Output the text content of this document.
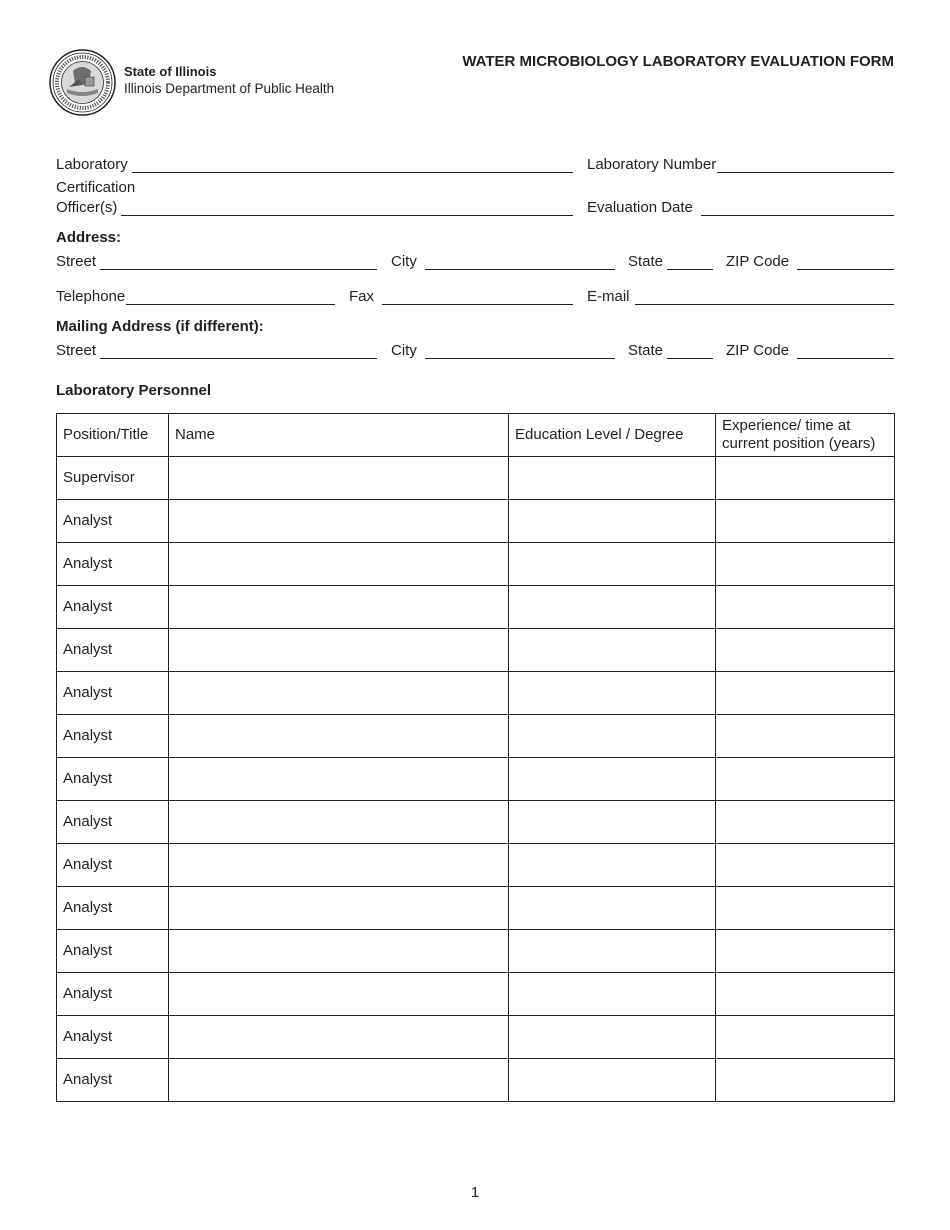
State of Illinois
Illinois Department of Public Health
WATER MICROBIOLOGY LABORATORY EVALUATION FORM
Laboratory	Laboratory Number
Certification
Officer(s)	Evaluation Date
Address:
Street	City	State	ZIP Code
Telephone	Fax	E-mail
Mailing Address (if different):
Street	City	State	ZIP Code
Laboratory Personnel
Position/Title	Name	Education Level / Degree	Experience/ time at current position (years)
Supervisor			
Analyst			
Analyst			
Analyst			
Analyst			
Analyst			
Analyst			
Analyst			
Analyst			
Analyst			
Analyst			
Analyst			
Analyst			
Analyst			
Analyst			
1
